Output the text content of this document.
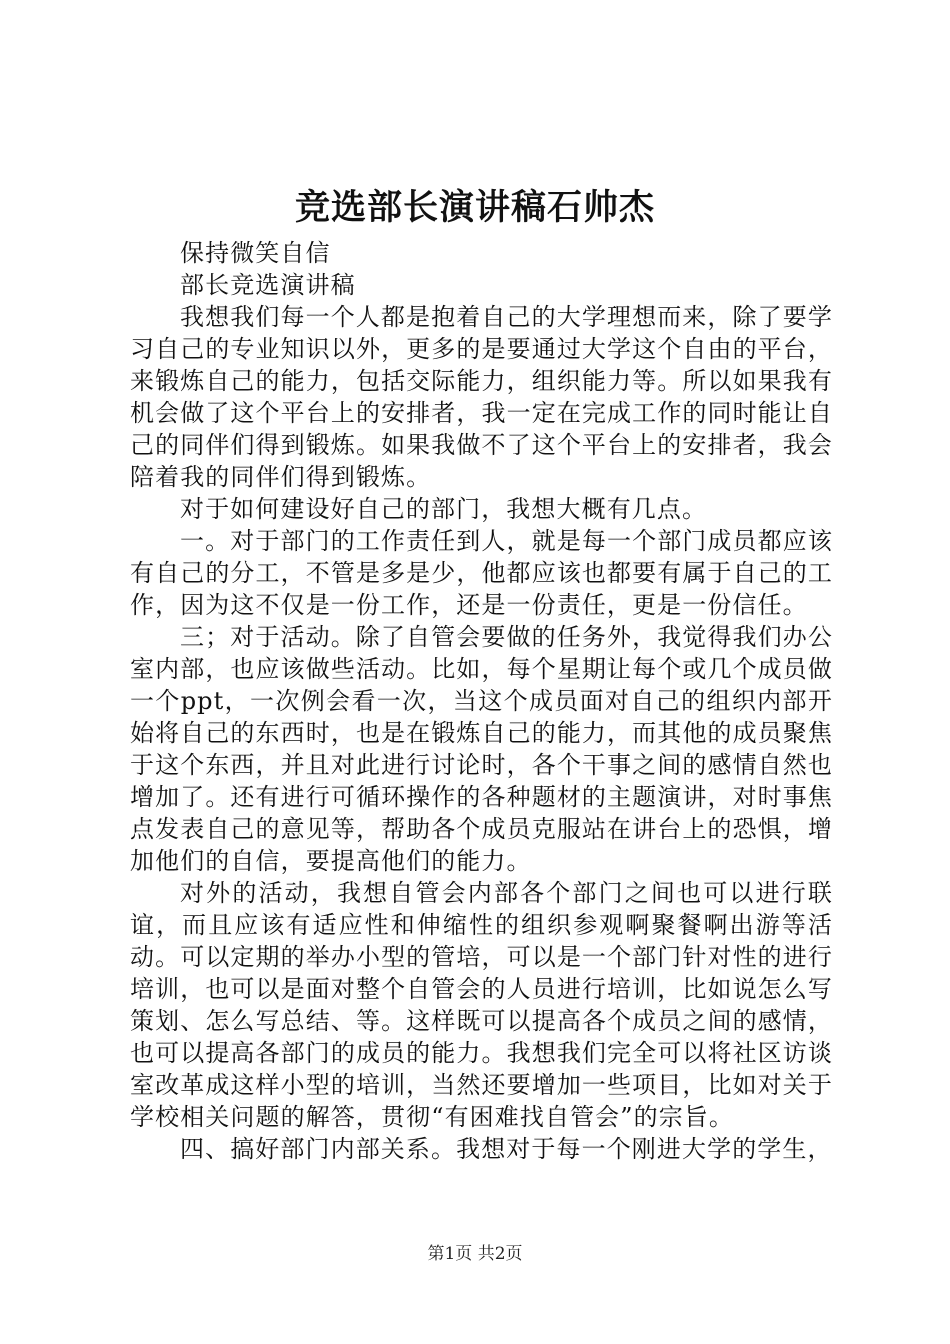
竞选部长演讲稿石帅杰

保持微笑自信

部长竞选演讲稿

我想我们每一个人都是抱着自己的大学理想而来，除了要学习自己的专业知识以外，更多的是要通过大学这个自由的平台，来锻炼自己的能力，包括交际能力，组织能力等。所以如果我有机会做了这个平台上的安排者，我一定在完成工作的同时能让自己的同伴们得到锻炼。如果我做不了这个平台上的安排者，我会陪着我的同伴们得到锻炼。

对于如何建设好自己的部门，我想大概有几点。

一。对于部门的工作责任到人，就是每一个部门成员都应该有自己的分工，不管是多是少，他都应该也都要有属于自己的工作，因为这不仅是一份工作，还是一份责任，更是一份信任。

三；对于活动。除了自管会要做的任务外，我觉得我们办公室内部，也应该做些活动。比如，每个星期让每个或几个成员做一个ppt，一次例会看一次，当这个成员面对自己的组织内部开始将自己的东西时，也是在锻炼自己的能力，而其他的成员聚焦于这个东西，并且对此进行讨论时，各个干事之间的感情自然也增加了。还有进行可循环操作的各种题材的主题演讲，对时事焦点发表自己的意见等，帮助各个成员克服站在讲台上的恐惧，增加他们的自信，要提高他们的能力。

对外的活动，我想自管会内部各个部门之间也可以进行联谊，而且应该有适应性和伸缩性的组织参观啊聚餐啊出游等活动。可以定期的举办小型的管培，可以是一个部门针对性的进行培训，也可以是面对整个自管会的人员进行培训，比如说怎么写策划、怎么写总结、等。这样既可以提高各个成员之间的感情，也可以提高各部门的成员的能力。我想我们完全可以将社区访谈室改革成这样小型的培训，当然还要增加一些项目，比如对关于学校相关问题的解答，贯彻“有困难找自管会”的宗旨。

四、搞好部门内部关系。我想对于每一个刚进大学的学生，

第1页 共2页
